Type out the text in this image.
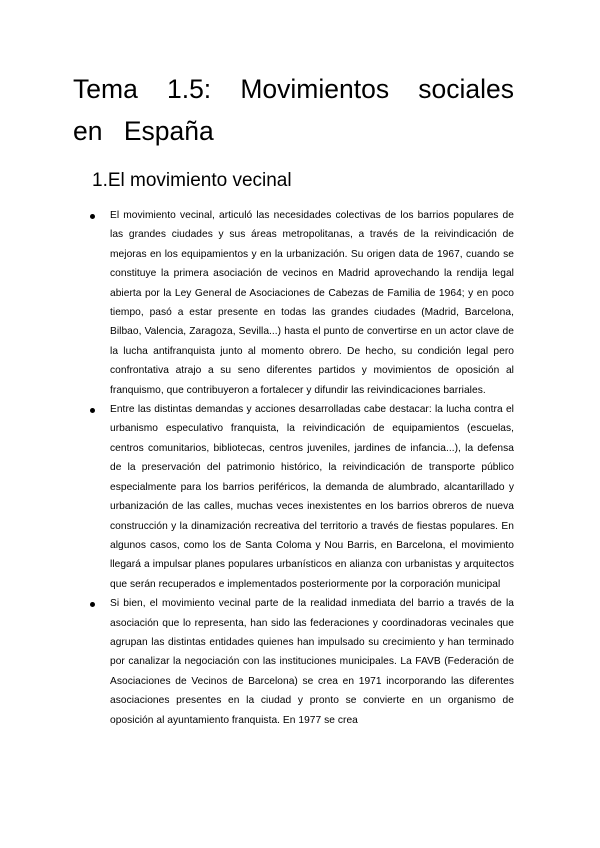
Tema 1.5: Movimientos sociales en España
1.El movimiento vecinal
El movimiento vecinal, articuló las necesidades colectivas de los barrios populares de las grandes ciudades y sus áreas metropolitanas, a través de la reivindicación de mejoras en los equipamientos y en la urbanización. Su origen data de 1967, cuando se constituye la primera asociación de vecinos en Madrid aprovechando la rendija legal abierta por la Ley General de Asociaciones de Cabezas de Familia de 1964; y en poco tiempo, pasó a estar presente en todas las grandes ciudades (Madrid, Barcelona, Bilbao, Valencia, Zaragoza, Sevilla...) hasta el punto de convertirse en un actor clave de la lucha antifranquista junto al momento obrero. De hecho, su condición legal pero confrontativa atrajo a su seno diferentes partidos y movimientos de oposición al franquismo, que contribuyeron a fortalecer y difundir las reivindicaciones barriales.
Entre las distintas demandas y acciones desarrolladas cabe destacar: la lucha contra el urbanismo especulativo franquista, la reivindicación de equipamientos (escuelas, centros comunitarios, bibliotecas, centros juveniles, jardines de infancia...), la defensa de la preservación del patrimonio histórico, la reivindicación de transporte público especialmente para los barrios periféricos, la demanda de alumbrado, alcantarillado y urbanización de las calles, muchas veces inexistentes en los barrios obreros de nueva construcción y la dinamización recreativa del territorio a través de fiestas populares. En algunos casos, como los de Santa Coloma y Nou Barris, en Barcelona, el movimiento llegará a impulsar planes populares urbanísticos en alianza con urbanistas y arquitectos que serán recuperados e implementados posteriormente por la corporación municipal
Si bien, el movimiento vecinal parte de la realidad inmediata del barrio a través de la asociación que lo representa, han sido las federaciones y coordinadoras vecinales que agrupan las distintas entidades quienes han impulsado su crecimiento y han terminado por canalizar la negociación con las instituciones municipales. La FAVB (Federación de Asociaciones de Vecinos de Barcelona) se crea en 1971 incorporando las diferentes asociaciones presentes en la ciudad y pronto se convierte en un organismo de oposición al ayuntamiento franquista. En 1977 se crea
